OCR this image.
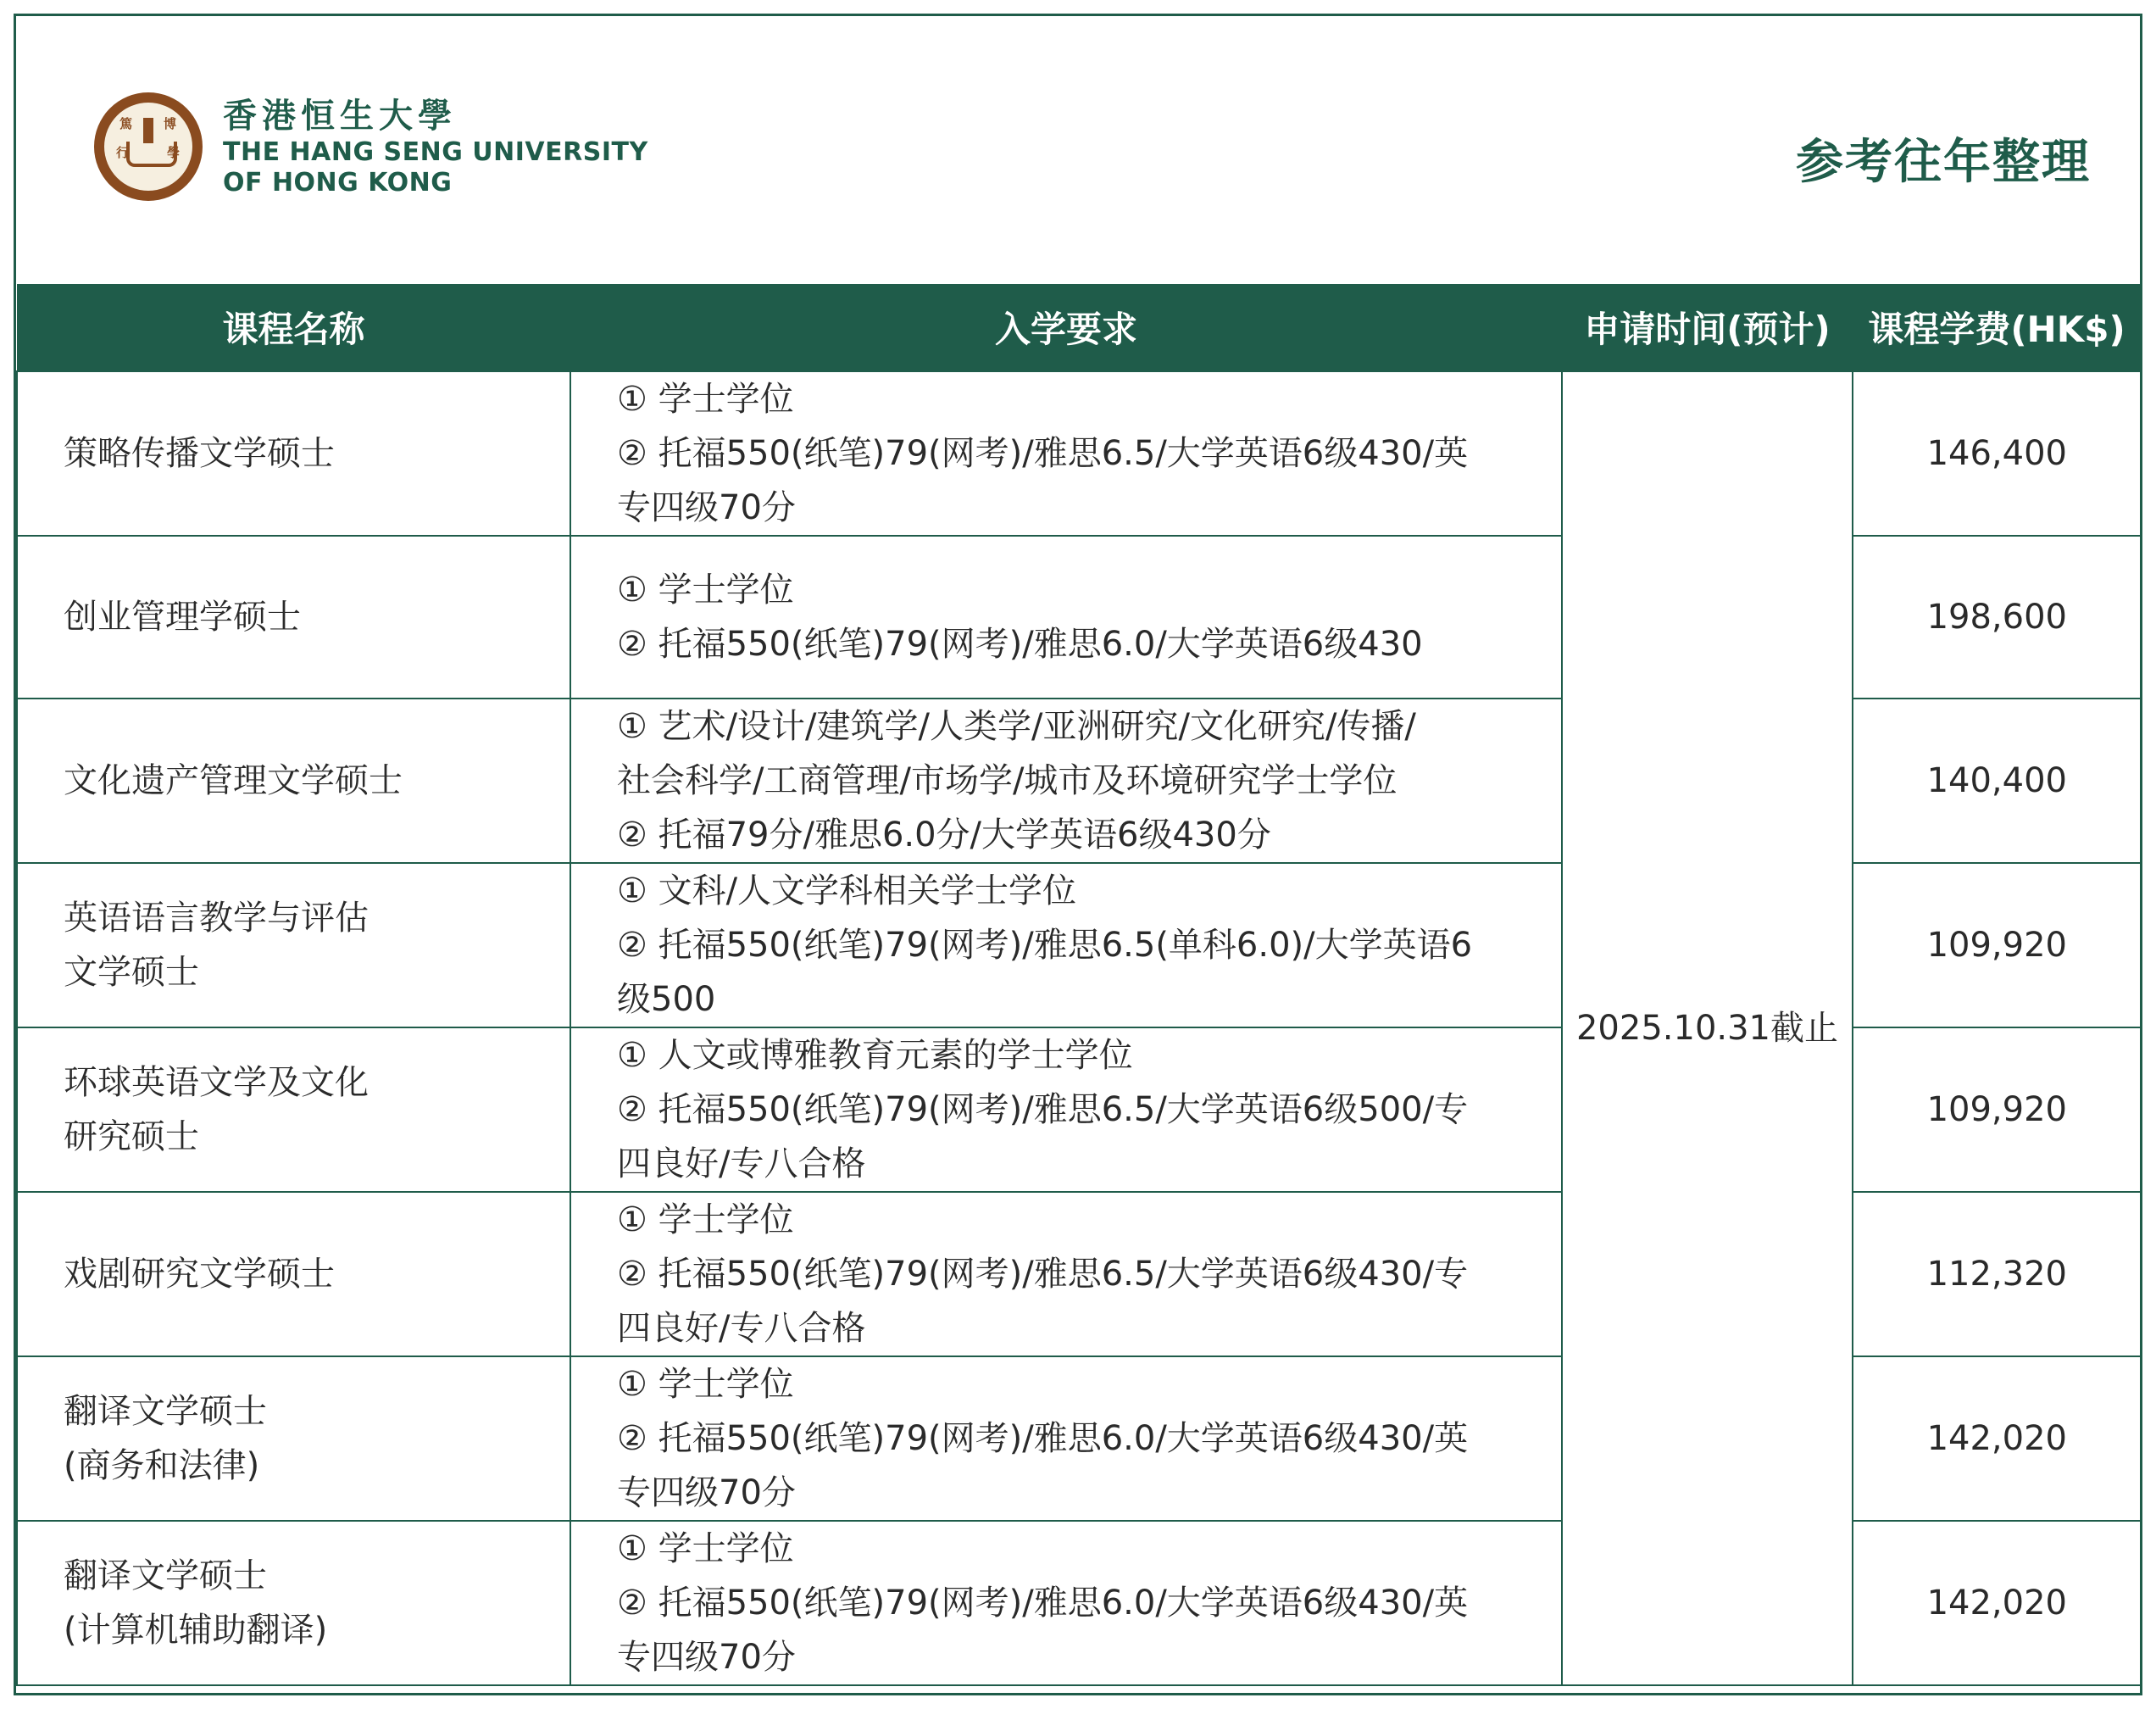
篤 博
行	學
香港恒生大學
THE HANG SENG UNIVERSITY
OF HONG KONG	参考往年整理
课程名称	入学要求	申请时间(预计)	课程学费(HK$)

策略传播文学硕士	① 学士学位
② 托福550(纸笔)79(网考)/雅思6.5/大学英语6级430/英
专四级70分	2025.10.31截止	146,400

创业管理学硕士	① 学士学位
② 托福550(纸笔)79(网考)/雅思6.0/大学英语6级430		198,600

文化遗产管理文学硕士	① 艺术/设计/建筑学/人类学/亚洲研究/文化研究/传播/
社会科学/工商管理/市场学/城市及环境研究学士学位
② 托福79分/雅思6.0分/大学英语6级430分		140,400

英语语言教学与评估
文学硕士	① 文科/人文学科相关学士学位
② 托福550(纸笔)79(网考)/雅思6.5(单科6.0)/大学英语6
级500		109,920

环球英语文学及文化
研究硕士	① 人文或博雅教育元素的学士学位
② 托福550(纸笔)79(网考)/雅思6.5/大学英语6级500/专
四良好/专八合格		109,920

戏剧研究文学硕士	① 学士学位
② 托福550(纸笔)79(网考)/雅思6.5/大学英语6级430/专
四良好/专八合格		112,320

翻译文学硕士
(商务和法律)	① 学士学位
② 托福550(纸笔)79(网考)/雅思6.0/大学英语6级430/英
专四级70分		142,020

翻译文学硕士
(计算机辅助翻译)	① 学士学位
② 托福550(纸笔)79(网考)/雅思6.0/大学英语6级430/英
专四级70分		142,020
